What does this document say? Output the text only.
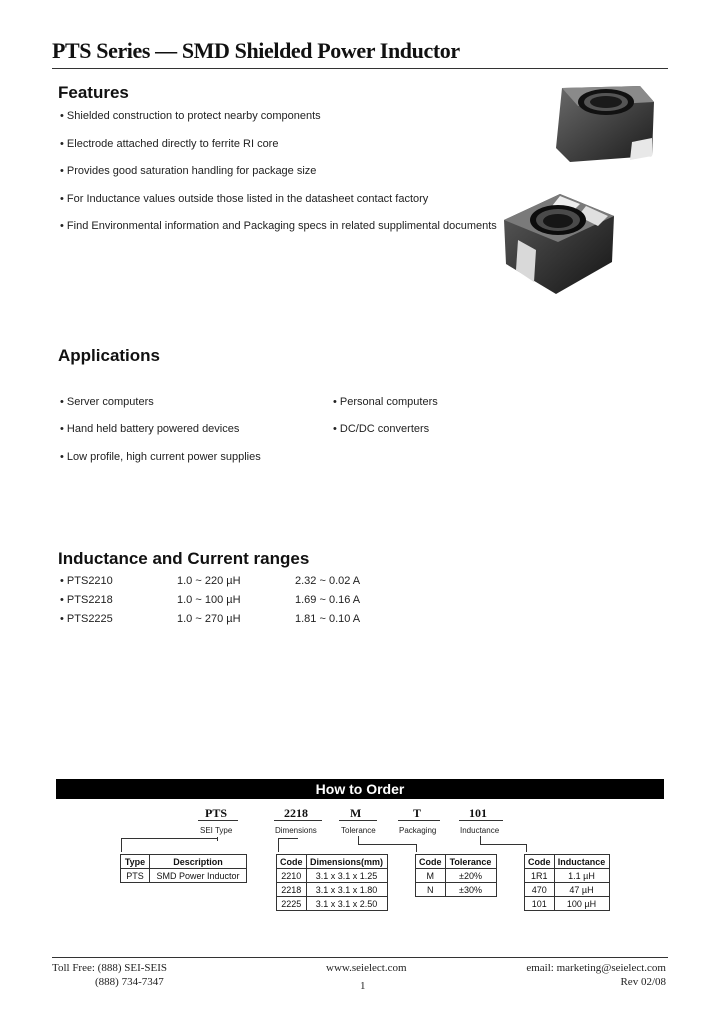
PTS Series — SMD Shielded Power Inductor
Features
• Shielded construction to protect nearby components
• Electrode attached directly to ferrite RI core
• Provides good saturation handling for package size
• For Inductance values outside those listed in the datasheet contact factory
• Find Environmental information and Packaging specs in related supplimental documents
Applications
• Server computers
• Hand held battery powered devices
• Low profile, high current power supplies
• Personal computers
• DC/DC converters
Inductance and Current ranges
• PTS2210	1.0 ~ 220 µH	2.32 ~ 0.02 A
• PTS2218	1.0 ~ 100 µH	1.69 ~ 0.16 A
• PTS2225	1.0 ~ 270 µH	1.81 ~ 0.10 A
How to Order
PTS	2218	M	T	101
SEI Type	Dimensions	Tolerance	Packaging	Inductance
Type	Description
PTS	SMD Power Inductor
Code	Dimensions(mm)
2210	3.1 x 3.1 x 1.25
2218	3.1 x 3.1 x 1.80
2225	3.1 x 3.1 x 2.50
Code	Tolerance
M	±20%
N	±30%
Code	Inductance
1R1	1.1 µH
470	47 µH
101	100 µH
Toll Free: (888) SEI-SEIS
(888) 734-7347
www.seielect.com
1
email: marketing@seielect.com
Rev 02/08
